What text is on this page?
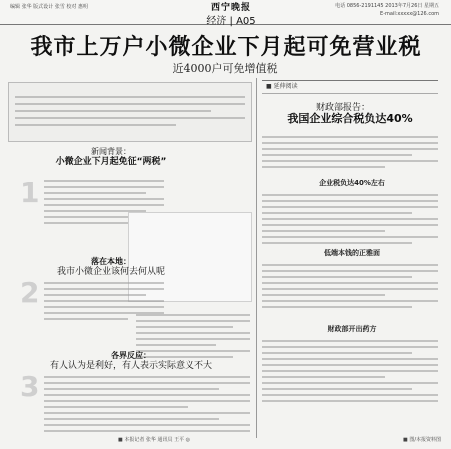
编辑 张华 版式设计 张雪 校对 惠明	西宁晚报
经济 | A05
电话 0856-2191145 2013年7月26日 星期五
E-mail:xxxxx@126.com
我市上万户小微企业下月起可免营业税
近4000户可免增值税
新闻背景：
小微企业下月起免征“两税”
1
落在本地：
我市小微企业该何去何从呢
2
各界反应：
有人认为是利好，有人表示实际意义不大
3
■ 延伸阅读
财政部报告：
我国企业综合税负达40%
企业税负达40%左右
低端本钱的正雅面
财政部开出药方
■ 本报记者 张华 通讯员 王平 ◎	■ 图/本报资料图
